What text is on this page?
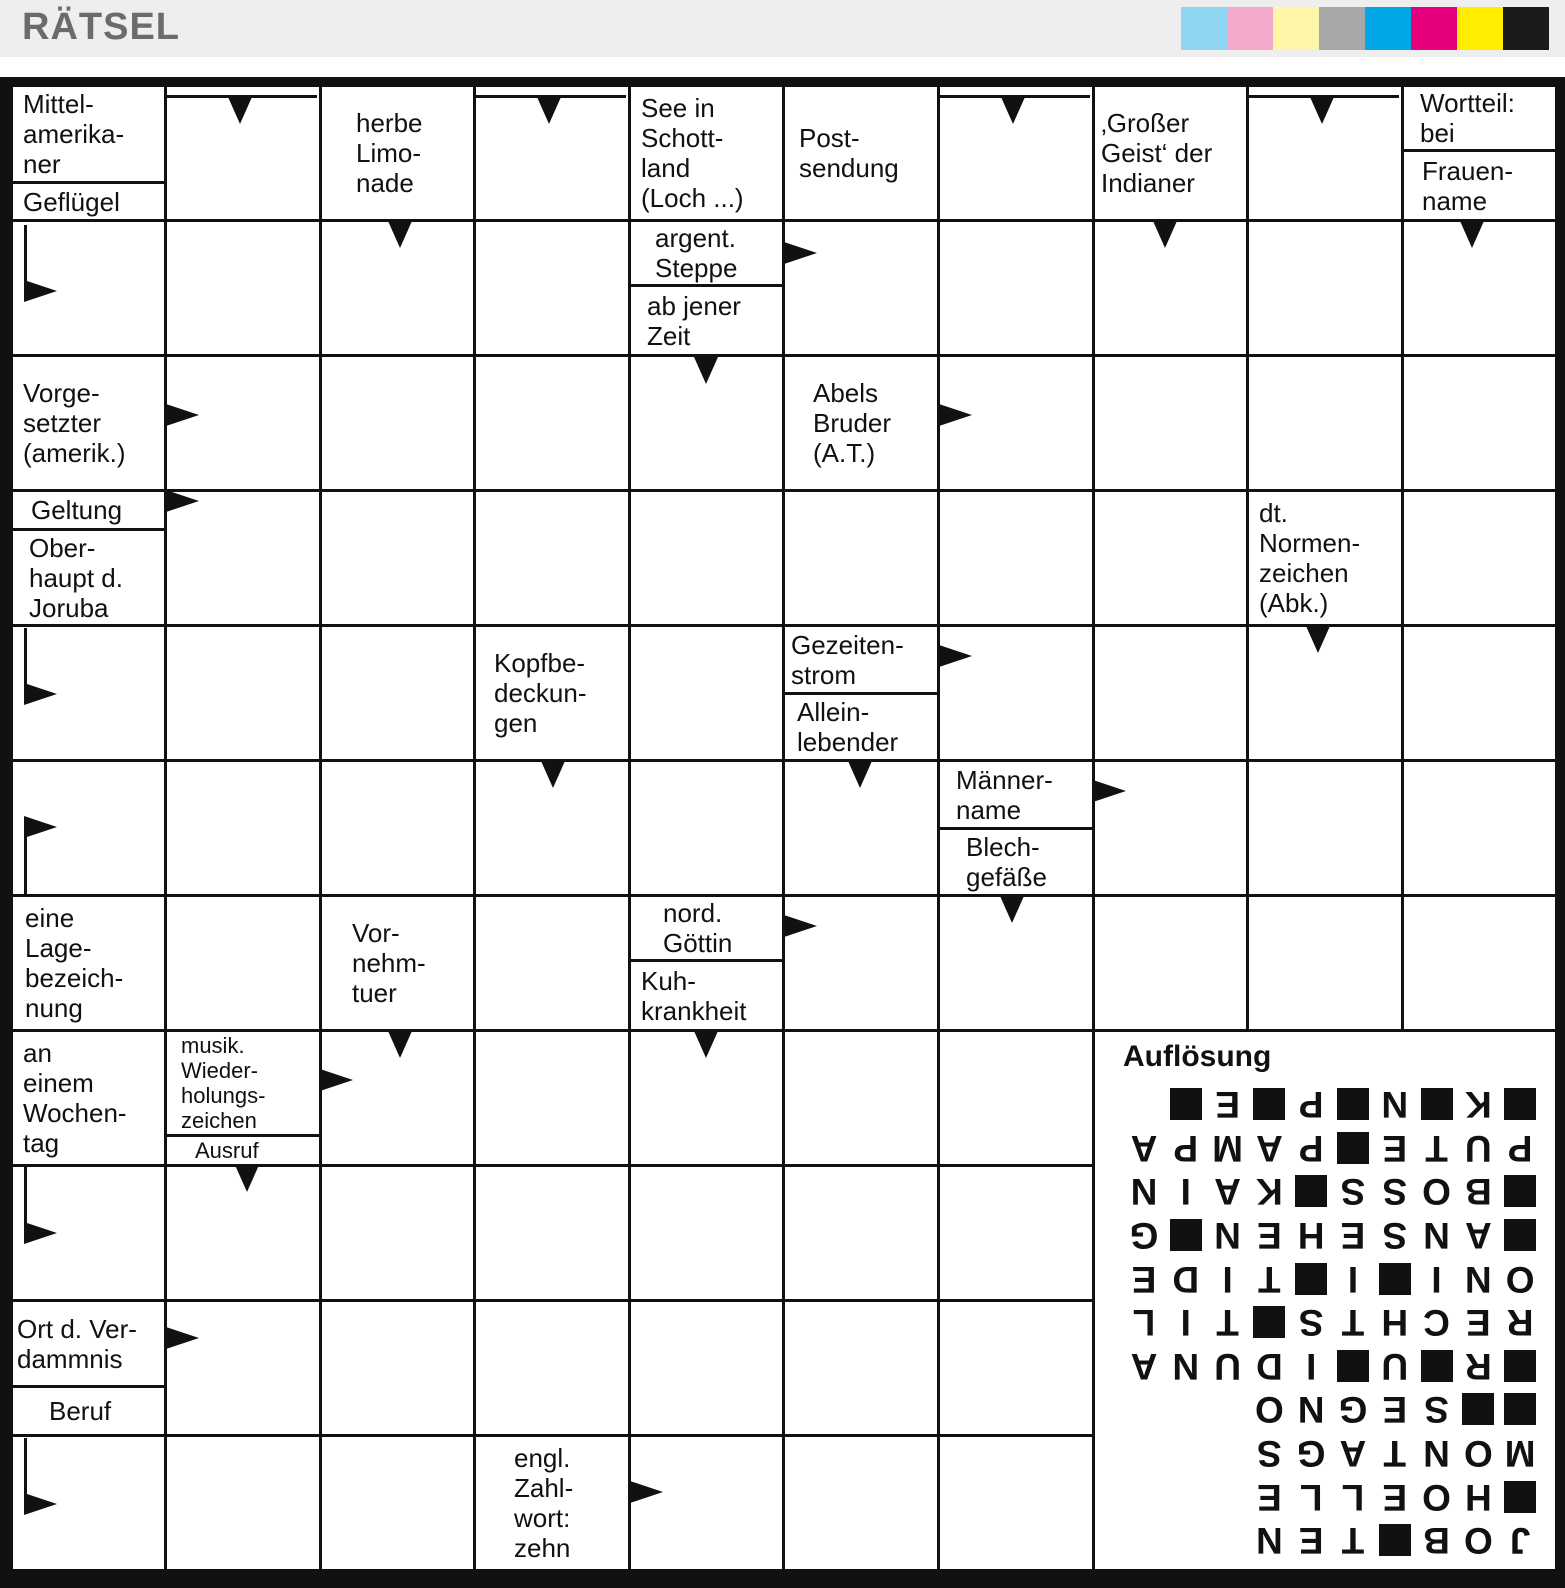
RÄTSEL
Mittel-
amerika-
ner
Geflügel
herbe
Limo-
nade
See in
Schott-
land
(Loch ...)
Post-
sendung
‚Großer
Geist‘ der
Indianer
Wortteil:
bei
Frauen-
name
argent.
Steppe
ab jener
Zeit
Vorge-
setzter
(amerik.)
Abels
Bruder
(A.T.)
Geltung
Ober-
haupt d.
Joruba
dt.
Normen-
zeichen
(Abk.)
Kopfbe-
deckun-
gen
Gezeiten-
strom
Allein-
lebender
Männer-
name
Blech-
gefäße
eine
Lage-
bezeich-
nung
Vor-
nehm-
tuer
nord.
Göttin
Kuh-
krankheit
an
einem
Wochen-
tag
musik.
Wieder-
holungs-
zeichen
Ausruf
Ort d. Ver-
dammnis
Beruf
engl.
Zahl-
wort:
zehn
Auflösung
J
O
B
T
E
N
H
O
E
L
L
E
M
O
N
T
A
G
S
S
E
G
N
O
R
U
I
D
U
N
A
R
E
C
H
T
S
T
I
L
O
N
I
I
T
I
D
E
A
N
S
E
H
E
N
G
B
O
S
S
K
A
I
N
P
U
T
E
P
A
M
P
A
K
N
P
E
